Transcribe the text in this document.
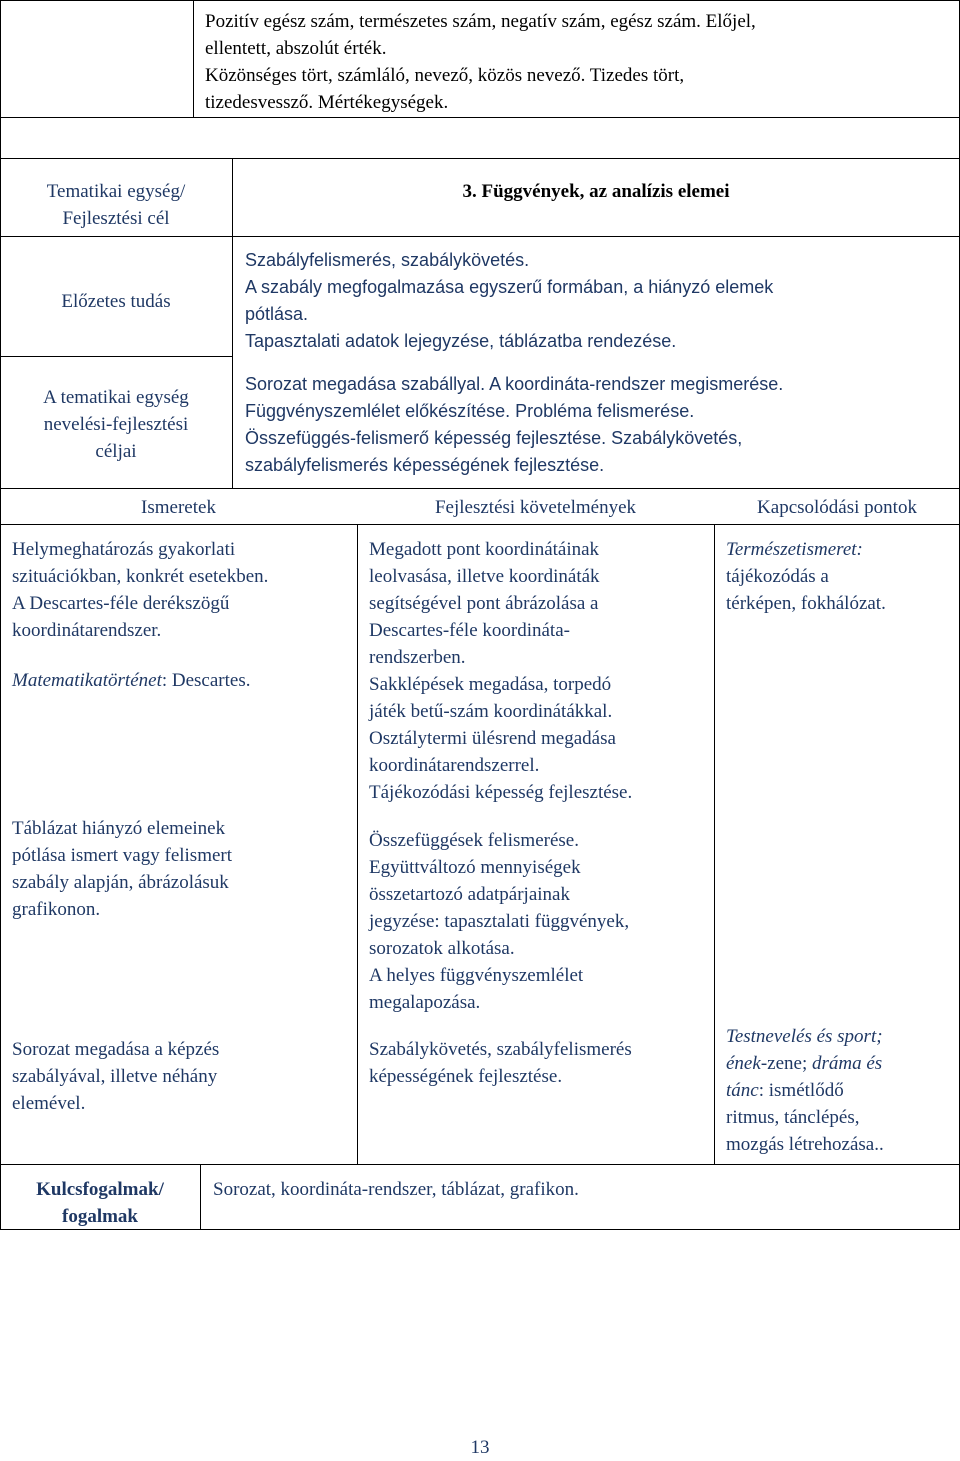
Pozitív egész szám, természetes szám, negatív szám, egész szám. Előjel,
ellentett, abszolút érték.
Közönséges tört, számláló, nevező, közös nevező. Tizedes tört,
tizedesvessző. Mértékegységek.
Tematikai egység/
Fejlesztési cél
Előzetes tudás
A tematikai egység
nevelési-fejlesztési
céljai
3. Függvények, az analízis elemei
Szabályfelismerés, szabálykövetés.
A szabály megfogalmazása egyszerű formában, a hiányzó elemek
pótlása.
Tapasztalati adatok lejegyzése, táblázatba rendezése.
Sorozat megadása szabállyal. A koordináta-rendszer megismerése.
Függvényszemlélet előkészítése. Probléma felismerése.
Összefüggés-felismerő képesség fejlesztése. Szabálykövetés,
szabályfelismerés képességének fejlesztése.
Ismeretek	Fejlesztési követelmények	Kapcsolódási pontok
Helymeghatározás gyakorlati
szituációkban, konkrét esetekben.
A Descartes-féle derékszögű
koordinátarendszer.
Matematikatörténet: Descartes.
Megadott pont koordinátáinak
leolvasása, illetve koordináták
segítségével pont ábrázolása a
Descartes-féle koordináta-
rendszerben.
Sakklépések megadása, torpedó
játék betű-szám koordinátákkal.
Osztálytermi ülésrend megadása
koordinátarendszerrel.
Tájékozódási képesség fejlesztése.
Természetismeret:
tájékozódás a
térképen, fokhálózat.
Táblázat hiányzó elemeinek
pótlása ismert vagy felismert
szabály alapján, ábrázolásuk
grafikonon.
Összefüggések felismerése.
Együttváltozó mennyiségek
összetartozó adatpárjainak
jegyzése: tapasztalati függvények,
sorozatok alkotása.
A helyes függvényszemlélet
megalapozása.
Sorozat megadása a képzés
szabályával, illetve néhány
elemével.
Szabálykövetés, szabályfelismerés
képességének fejlesztése.
Testnevelés és sport;
ének-zene; dráma és
tánc: ismétlődő
ritmus, tánclépés,
mozgás létrehozása..
Kulcsfogalmak/
fogalmak
Sorozat, koordináta-rendszer, táblázat, grafikon.
13
